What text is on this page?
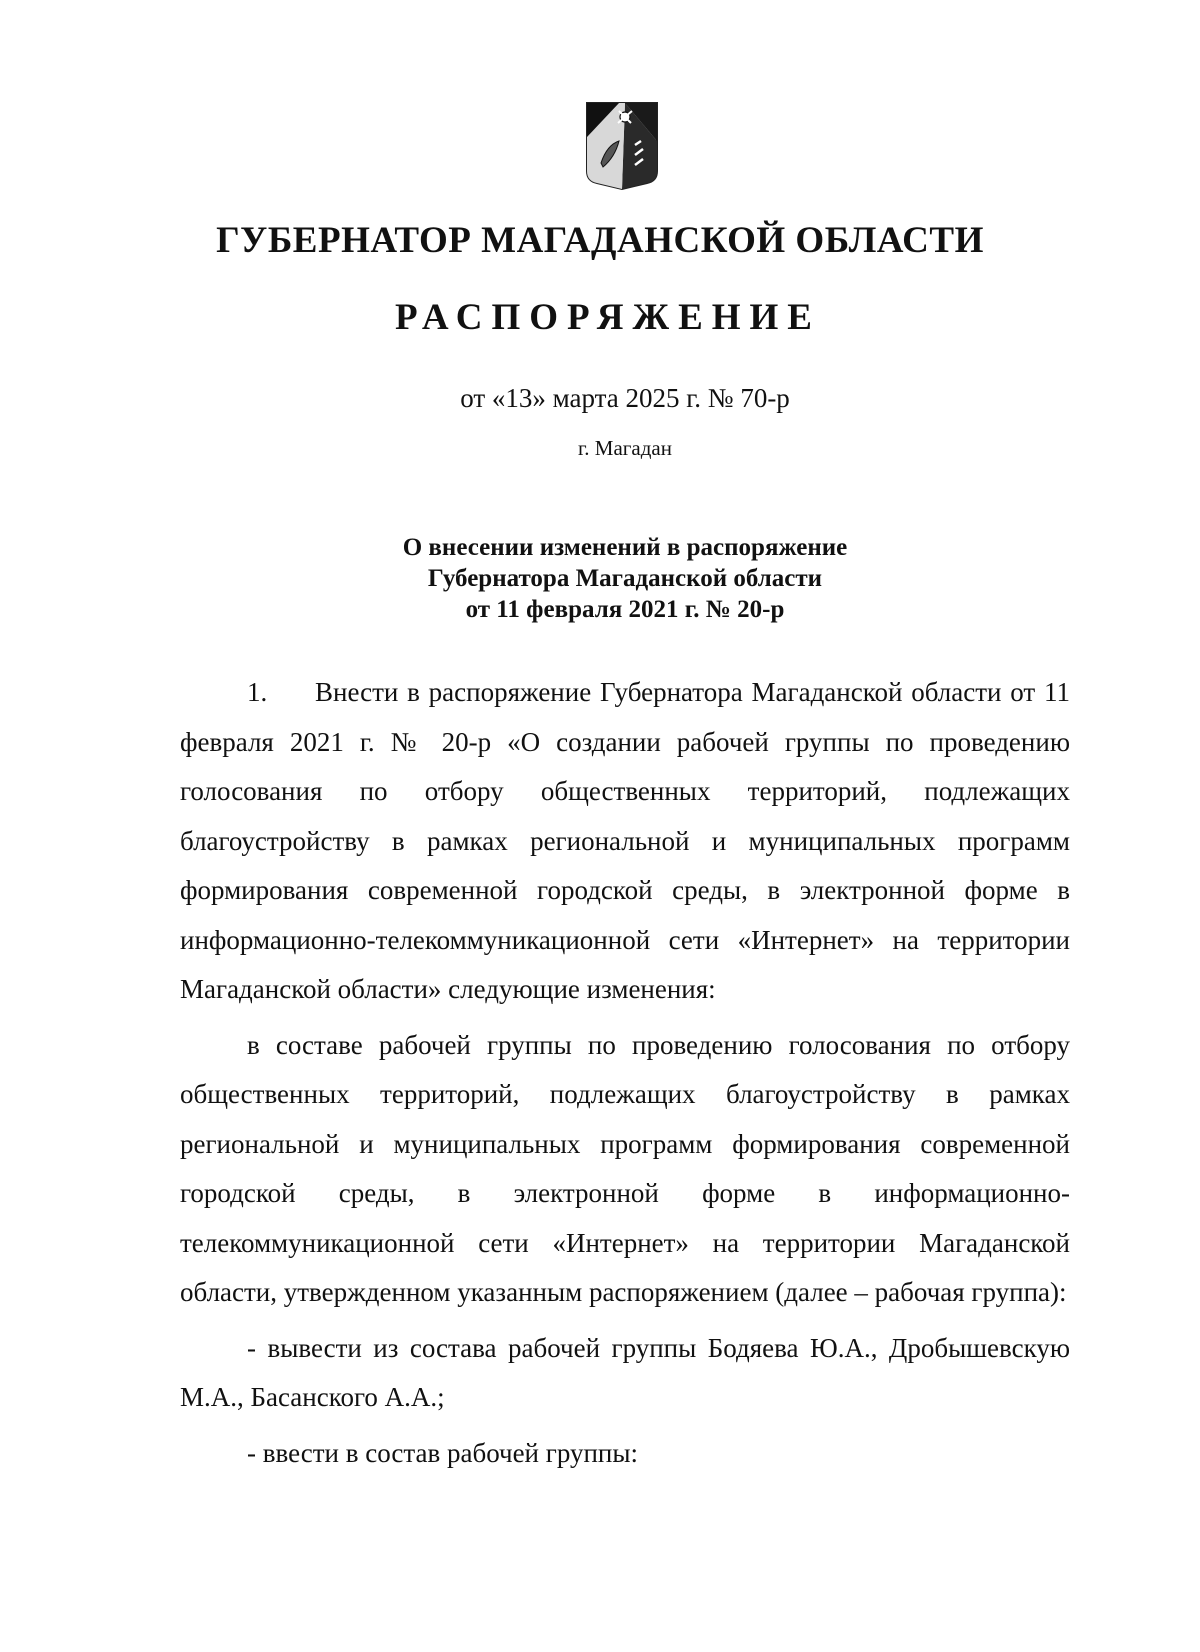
ГУБЕРНАТОР МАГАДАНСКОЙ ОБЛАСТИ
РАСПОРЯЖЕНИЕ
от «13» марта 2025 г. № 70-р
г. Магадан
О внесении изменений в распоряжение
Губернатора Магаданской области
от 11 февраля 2021 г. № 20-р

1. Внести в распоряжение Губернатора Магаданской области от 11 февраля 2021 г. № 20-р «О создании рабочей группы по проведению голосования по отбору общественных территорий, подлежащих благоустройству в рамках региональной и муниципальных программ формирования современной городской среды, в электронной форме в информационно-телекоммуникационной сети «Интернет» на территории Магаданской области» следующие изменения:

в составе рабочей группы по проведению голосования по отбору общественных территорий, подлежащих благоустройству в рамках региональной и муниципальных программ формирования современной городской среды, в электронной форме в информационно-телекоммуникационной сети «Интернет» на территории Магаданской области, утвержденном указанным распоряжением (далее – рабочая группа):

- вывести из состава рабочей группы Бодяева Ю.А., Дробышевскую М.А., Басанского А.А.;

- ввести в состав рабочей группы:
